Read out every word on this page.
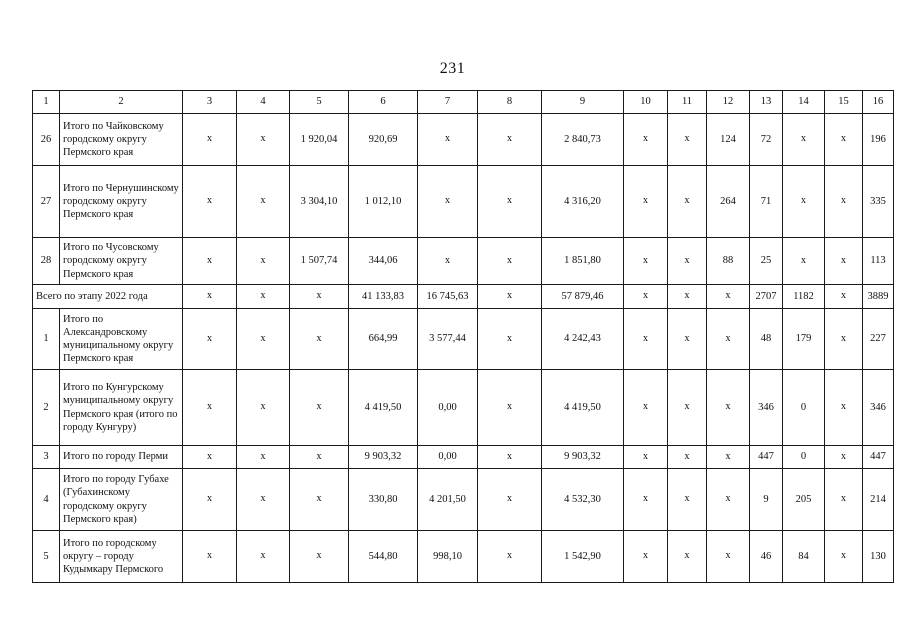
231
1	2	3	4	5	6	7	8	9	10	11	12	13	14	15	16
26	Итого по Чайковскому городскому округу Пермского края	x	x	1 920,04	920,69	x	x	2 840,73	x	x	124	72	x	x	196
27	Итого по Чернушинскому городскому округу Пермского края	x	x	3 304,10	1 012,10	x	x	4 316,20	x	x	264	71	x	x	335
28	Итого по Чусовскому городскому округу Пермского края	x	x	1 507,74	344,06	x	x	1 851,80	x	x	88	25	x	x	113
Всего по этапу 2022 года		x	x	x	41 133,83	16 745,63	x	57 879,46	x	x	x	2707	1182	x	3889
1	Итого по Александровскому муниципальному округу Пермского края	x	x	x	664,99	3 577,44	x	4 242,43	x	x	x	48	179	x	227
2	Итого по Кунгурскому муниципальному округу Пермского края (итого по городу Кунгуру)	x	x	x	4 419,50	0,00	x	4 419,50	x	x	x	346	0	x	346
3	Итого по городу Перми	x	x	x	9 903,32	0,00	x	9 903,32	x	x	x	447	0	x	447
4	Итого по городу Губахе (Губахинскому городскому округу Пермского края)	x	x	x	330,80	4 201,50	x	4 532,30	x	x	x	9	205	x	214
5	Итого по городскому округу – городу Кудымкару Пермского	x	x	x	544,80	998,10	x	1 542,90	x	x	x	46	84	x	130
